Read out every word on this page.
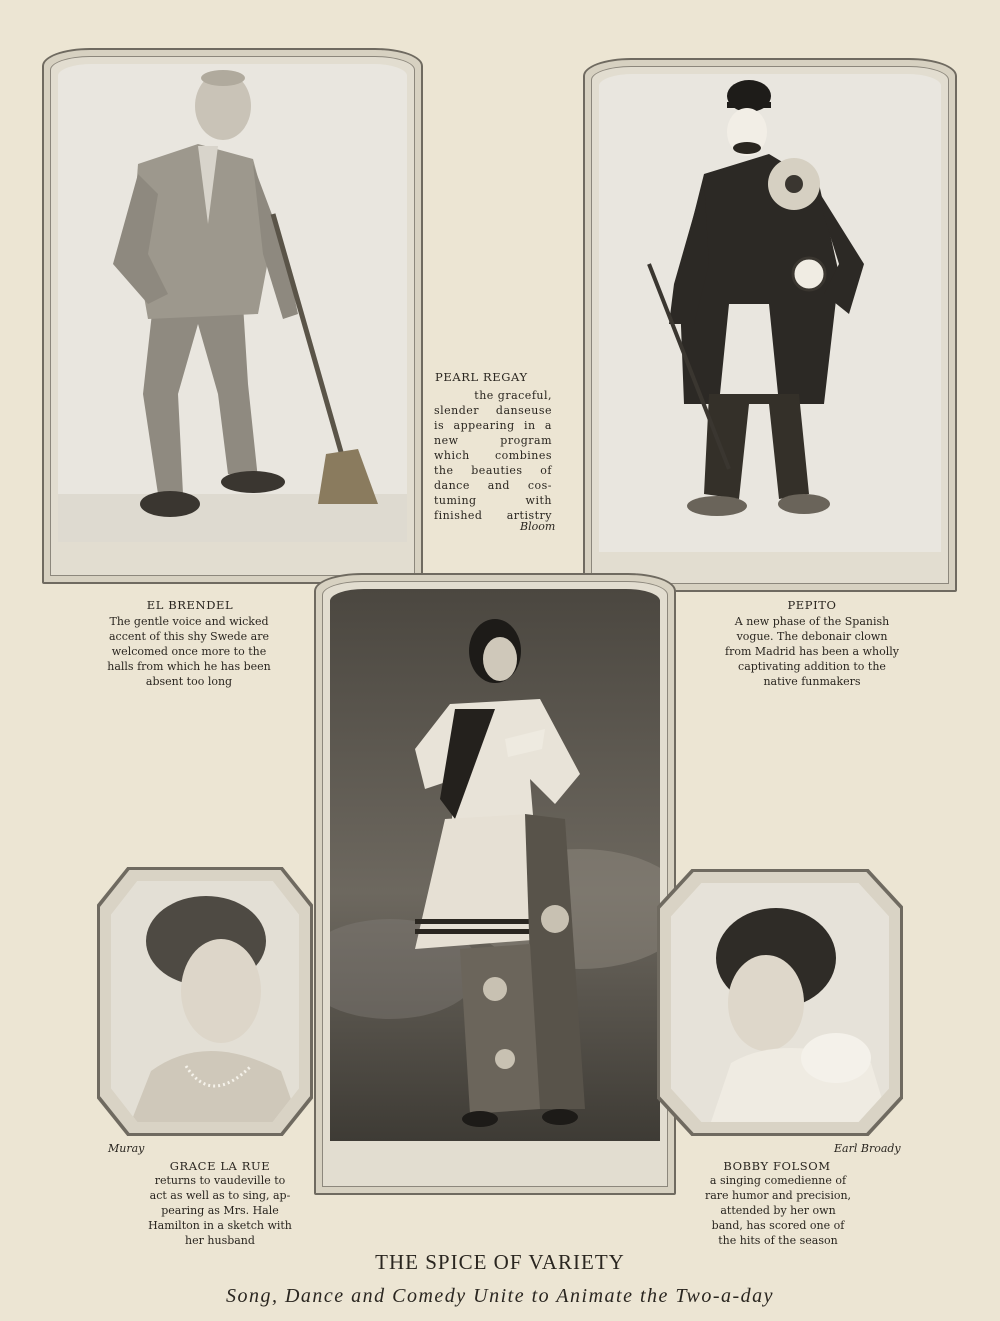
PEARL REGAY
the graceful,
slender danseuse
is appearing in a
new program
which combines
the beauties of
dance and cos-
tuming with
finished artistry
Bloom
EL BRENDEL
The gentle voice and wicked
accent of this shy Swede are
welcomed once more to the
halls from which he has been
absent too long
PEPITO
A new phase of the Spanish
vogue. The debonair clown
from Madrid has been a wholly
captivating addition to the
native funmakers
Muray
GRACE LA RUE
returns to vaudeville to
act as well as to sing, ap-
pearing as Mrs. Hale
Hamilton in a sketch with
her husband
Earl Broady
BOBBY FOLSOM
a singing comedienne of
rare humor and precision,
attended by her own
band, has scored one of
the hits of the season
THE SPICE OF VARIETY
Song, Dance and Comedy Unite to Animate the Two-a-day
